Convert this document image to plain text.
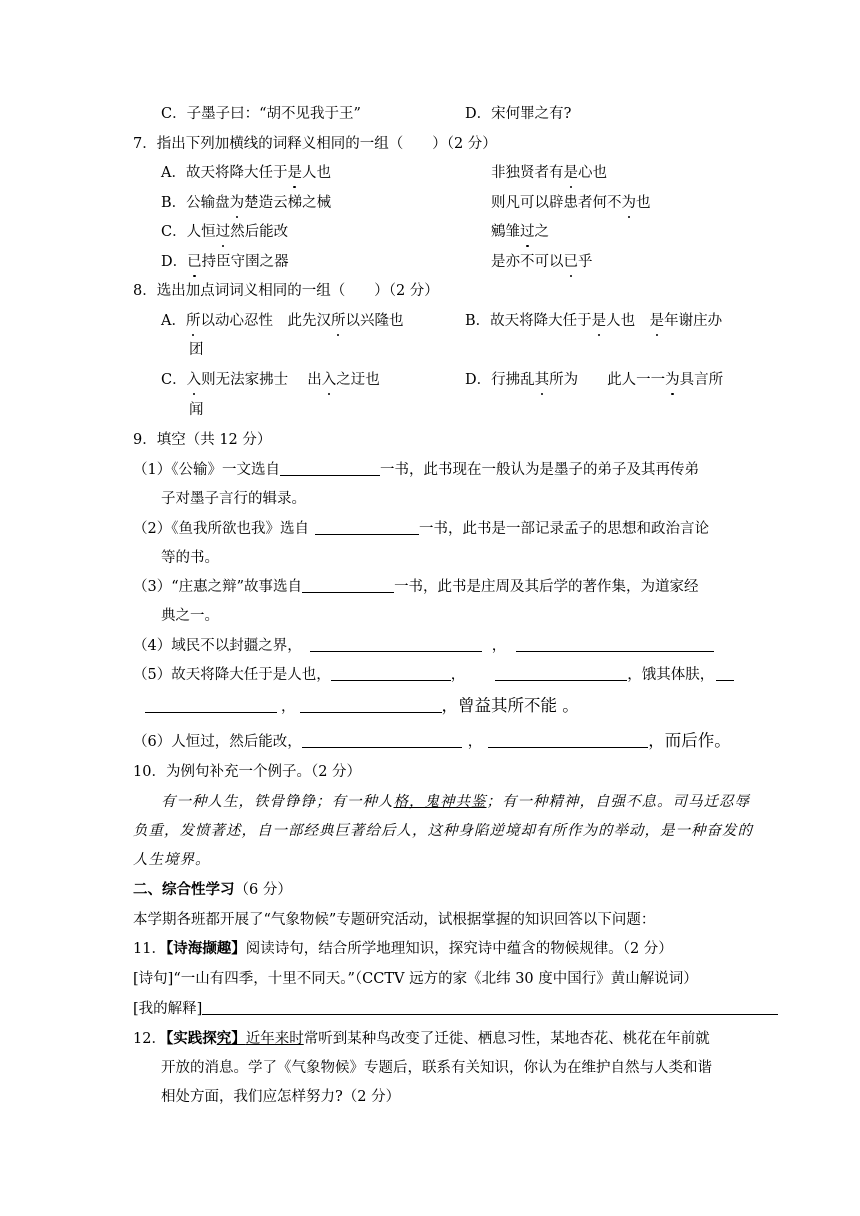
C．子墨子曰：“胡不见我于王”	D．宋何罪之有?
7．指出下列加横线的词释义相同的一组（　　）（2 分）
A．故天将降大任于是人也	非独贤者有是心也
B．公输盘为楚造云梯之械	则凡可以辟患者何不为也
C．人恒过然后能改	鵷雏过之
D．已持臣守圉之器	是亦不可以已乎
8．选出加点词词义相同的一组（　　）（2 分）
A．所以动心忍性　此先汉所以兴隆也	B．故天将降大任于是人也　是年谢庄办
团
C．入则无法家拂士　 出入之迂也	D．行拂乱其所为　　此人一一为具言所
闻
9．填空（共 12 分）
（1）《公输》一文选自	一书，此书现在一般认为是墨子的弟子及其再传弟
子对墨子言行的辑录。
（2）《鱼我所欲也我》选自	一书，此书是一部记录孟子的思想和政治言论
等的书。
（3）“庄惠之辩”故事选自	一书，此书是庄周及其后学的著作集，为道家经
典之一。
（4）域民不以封疆之界，	，
（5）故天将降大任于是人也，	，	，饿其体肤，
，	，曾益其所不能 。
（6）人恒过，然后能改，	，	，而后作。
10．为例句补充一个例子。（2 分）
有一种人生，铁骨铮铮；有一种人格，鬼神共鉴；有一种精神，自强不息。司马迁忍辱
负重，发愤著述，自一部经典巨著给后人，这种身陷逆境却有所作为的举动，是一种奋发的
人生境界。
二、综合性学习（6 分）
本学期各班都开展了“气象物候”专题研究活动，试根据掌握的知识回答以下问题：
11．【诗海撷趣】阅读诗句，结合所学地理知识，探究诗中蕴含的物候规律。（2 分）
[诗句]“一山有四季，十里不同天。”（CCTV 远方的家《北纬 30 度中国行》黄山解说词）
[我的解释]
12．【实践探究】近年来时常听到某种鸟改变了迁徙、栖息习性，某地杏花、桃花在年前就
开放的消息。学了《气象物候》专题后，联系有关知识，你认为在维护自然与人类和谐
相处方面，我们应怎样努力?（2 分）
